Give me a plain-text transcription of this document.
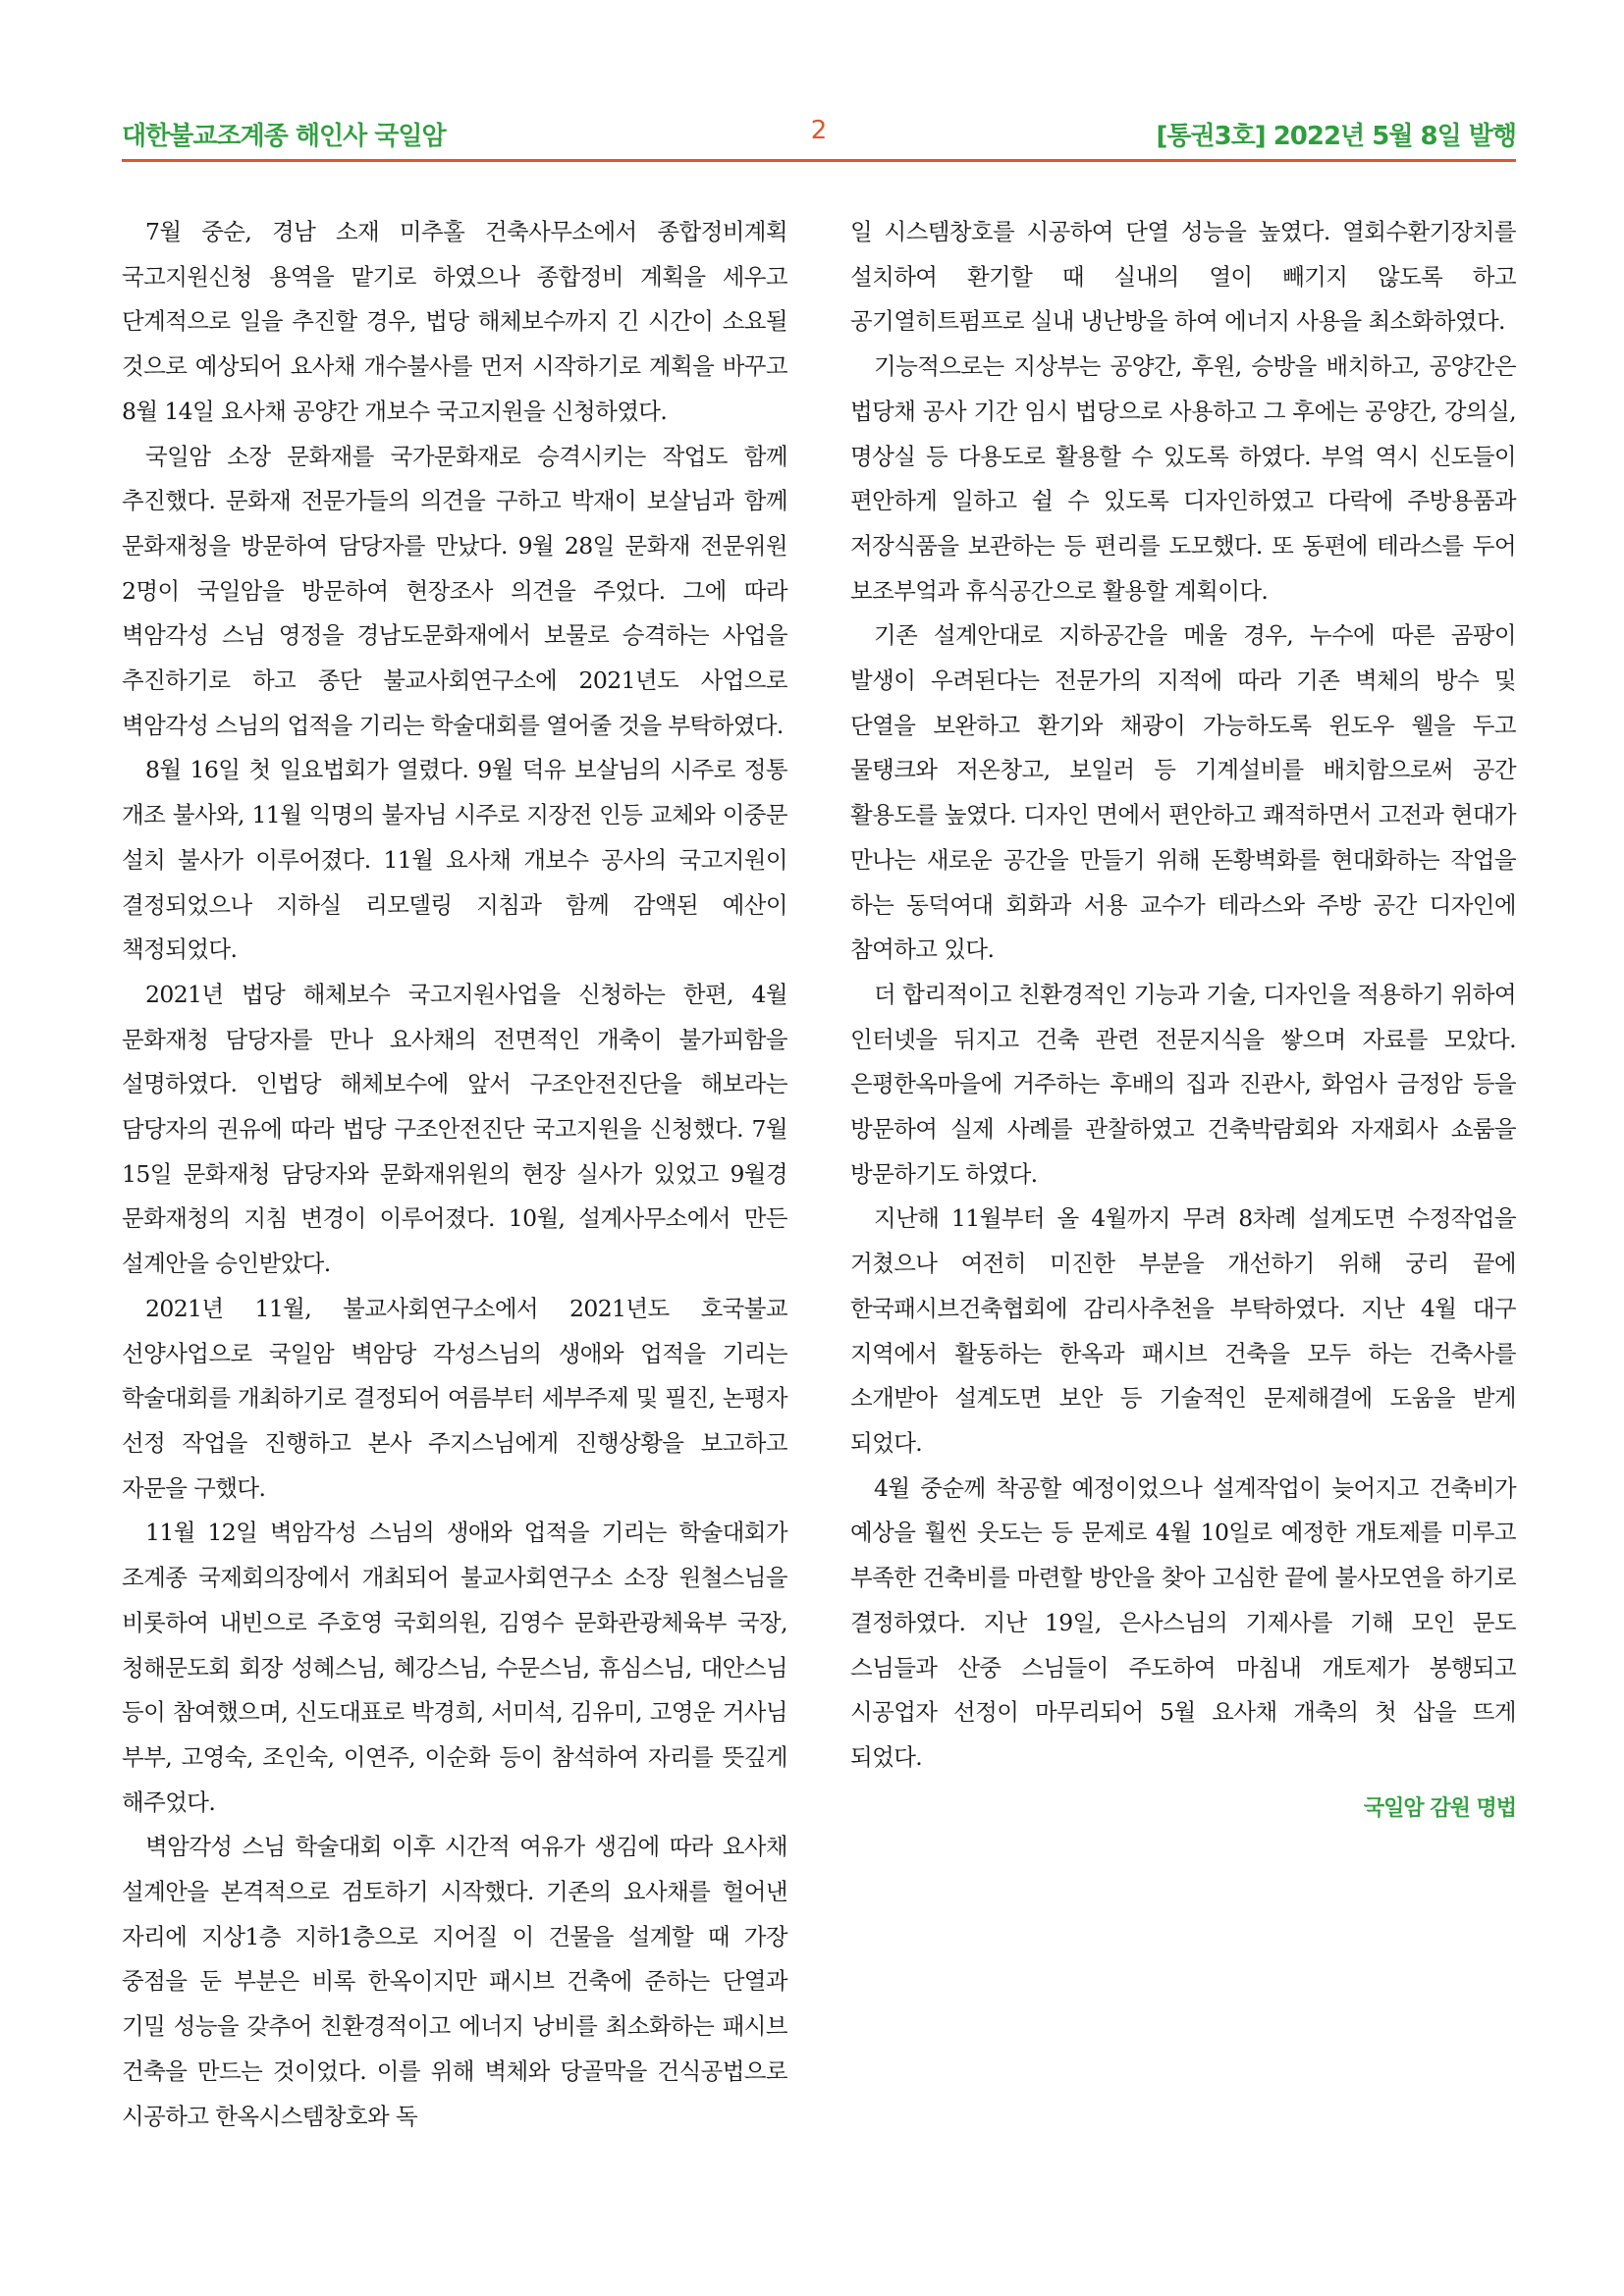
대한불교조계종 해인사 국일암	2	[통권3호] 2022년 5월 8일 발행

7월 중순, 경남 소재 미추홀 건축사무소에서 종합정비계획 국고지원신청 용역을 맡기로 하였으나 종합정비 계획을 세우고 단계적으로 일을 추진할 경우, 법당 해체보수까지 긴 시간이 소요될 것으로 예상되어 요사채 개수불사를 먼저 시작하기로 계획을 바꾸고 8월 14일 요사채 공양간 개보수 국고지원을 신청하였다.

국일암 소장 문화재를 국가문화재로 승격시키는 작업도 함께 추진했다. 문화재 전문가들의 의견을 구하고 박재이 보살님과 함께 문화재청을 방문하여 담당자를 만났다. 9월 28일 문화재 전문위원 2명이 국일암을 방문하여 현장조사 의견을 주었다. 그에 따라 벽암각성 스님 영정을 경남도문화재에서 보물로 승격하는 사업을 추진하기로 하고 종단 불교사회연구소에 2021년도 사업으로 벽암각성 스님의 업적을 기리는 학술대회를 열어줄 것을 부탁하였다.

8월 16일 첫 일요법회가 열렸다. 9월 덕유 보살님의 시주로 정통 개조 불사와, 11월 익명의 불자님 시주로 지장전 인등 교체와 이중문 설치 불사가 이루어졌다. 11월 요사채 개보수 공사의 국고지원이 결정되었으나 지하실 리모델링 지침과 함께 감액된 예산이 책정되었다.

2021년 법당 해체보수 국고지원사업을 신청하는 한편, 4월 문화재청 담당자를 만나 요사채의 전면적인 개축이 불가피함을 설명하였다. 인법당 해체보수에 앞서 구조안전진단을 해보라는 담당자의 권유에 따라 법당 구조안전진단 국고지원을 신청했다. 7월 15일 문화재청 담당자와 문화재위원의 현장 실사가 있었고 9월경 문화재청의 지침 변경이 이루어졌다. 10월, 설계사무소에서 만든 설계안을 승인받았다.

2021년 11월, 불교사회연구소에서 2021년도 호국불교 선양사업으로 국일암 벽암당 각성스님의 생애와 업적을 기리는 학술대회를 개최하기로 결정되어 여름부터 세부주제 및 필진, 논평자 선정 작업을 진행하고 본사 주지스님에게 진행상황을 보고하고 자문을 구했다.

11월 12일 벽암각성 스님의 생애와 업적을 기리는 학술대회가 조계종 국제회의장에서 개최되어 불교사회연구소 소장 원철스님을 비롯하여 내빈으로 주호영 국회의원, 김영수 문화관광체육부 국장, 청해문도회 회장 성혜스님, 혜강스님, 수문스님, 휴심스님, 대안스님 등이 참여했으며, 신도대표로 박경희, 서미석, 김유미, 고영운 거사님 부부, 고영숙, 조인숙, 이연주, 이순화 등이 참석하여 자리를 뜻깊게 해주었다.

벽암각성 스님 학술대회 이후 시간적 여유가 생김에 따라 요사채 설계안을 본격적으로 검토하기 시작했다. 기존의 요사채를 헐어낸 자리에 지상1층 지하1층으로 지어질 이 건물을 설계할 때 가장 중점을 둔 부분은 비록 한옥이지만 패시브 건축에 준하는 단열과 기밀 성능을 갖추어 친환경적이고 에너지 낭비를 최소화하는 패시브 건축을 만드는 것이었다. 이를 위해 벽체와 당골막을 건식공법으로 시공하고 한옥시스템창호와 독

일 시스템창호를 시공하여 단열 성능을 높였다. 열회수환기장치를 설치하여 환기할 때 실내의 열이 빼기지 않도록 하고 공기열히트펌프로 실내 냉난방을 하여 에너지 사용을 최소화하였다.

기능적으로는 지상부는 공양간, 후원, 승방을 배치하고, 공양간은 법당채 공사 기간 임시 법당으로 사용하고 그 후에는 공양간, 강의실, 명상실 등 다용도로 활용할 수 있도록 하였다. 부엌 역시 신도들이 편안하게 일하고 쉴 수 있도록 디자인하였고 다락에 주방용품과 저장식품을 보관하는 등 편리를 도모했다. 또 동편에 테라스를 두어 보조부엌과 휴식공간으로 활용할 계획이다.

기존 설계안대로 지하공간을 메울 경우, 누수에 따른 곰팡이 발생이 우려된다는 전문가의 지적에 따라 기존 벽체의 방수 및 단열을 보완하고 환기와 채광이 가능하도록 윈도우 웰을 두고 물탱크와 저온창고, 보일러 등 기계설비를 배치함으로써 공간 활용도를 높였다. 디자인 면에서 편안하고 쾌적하면서 고전과 현대가 만나는 새로운 공간을 만들기 위해 돈황벽화를 현대화하는 작업을 하는 동덕여대 회화과 서용 교수가 테라스와 주방 공간 디자인에 참여하고 있다.

더 합리적이고 친환경적인 기능과 기술, 디자인을 적용하기 위하여 인터넷을 뒤지고 건축 관련 전문지식을 쌓으며 자료를 모았다. 은평한옥마을에 거주하는 후배의 집과 진관사, 화엄사 금정암 등을 방문하여 실제 사례를 관찰하였고 건축박람회와 자재회사 쇼룸을 방문하기도 하였다.

지난해 11월부터 올 4월까지 무려 8차례 설계도면 수정작업을 거쳤으나 여전히 미진한 부분을 개선하기 위해 궁리 끝에 한국패시브건축협회에 감리사추천을 부탁하였다. 지난 4월 대구 지역에서 활동하는 한옥과 패시브 건축을 모두 하는 건축사를 소개받아 설계도면 보안 등 기술적인 문제해결에 도움을 받게 되었다.

4월 중순께 착공할 예정이었으나 설계작업이 늦어지고 건축비가 예상을 훨씬 웃도는 등 문제로 4월 10일로 예정한 개토제를 미루고 부족한 건축비를 마련할 방안을 찾아 고심한 끝에 불사모연을 하기로 결정하였다. 지난 19일, 은사스님의 기제사를 기해 모인 문도 스님들과 산중 스님들이 주도하여 마침내 개토제가 봉행되고 시공업자 선정이 마무리되어 5월 요사채 개축의 첫 삽을 뜨게 되었다.

국일암 감원 명법
